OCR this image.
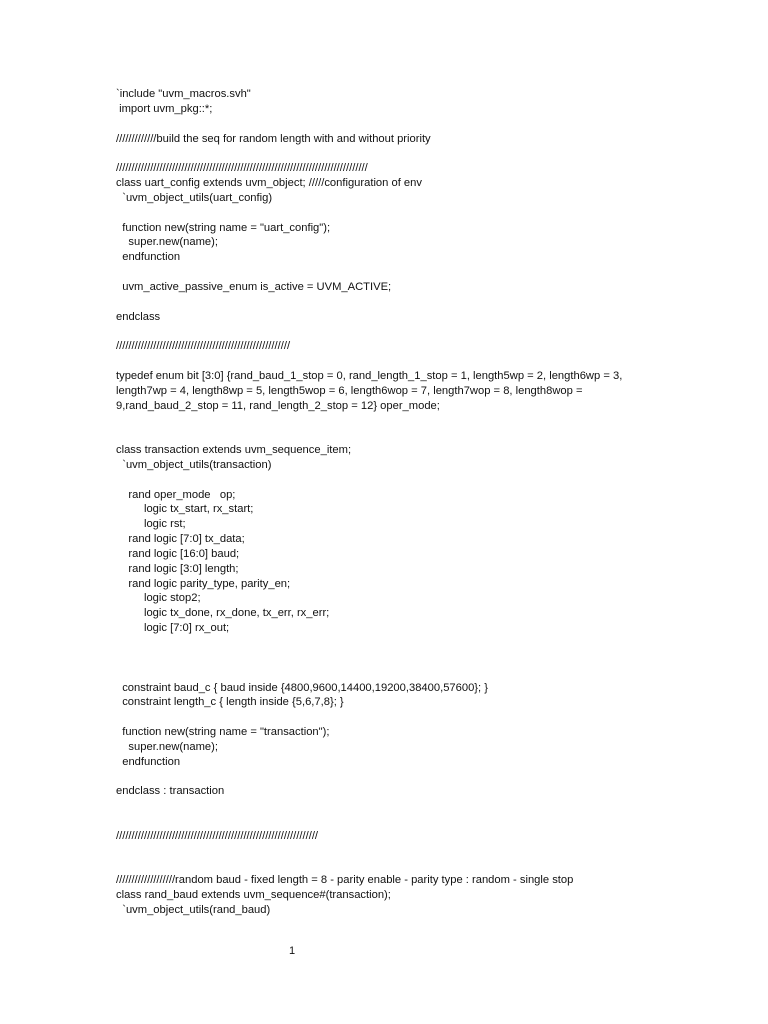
`include "uvm_macros.svh"
import uvm_pkg::*;
/////////////build the seq for random length with and without priority
/////////////////////////////////////////////////////////////////////////////////
class uart_config extends uvm_object; /////configuration of env
`uvm_object_utils(uart_config)
function new(string name = "uart_config");
super.new(name);
endfunction
uvm_active_passive_enum is_active = UVM_ACTIVE;
endclass
////////////////////////////////////////////////////////
typedef enum bit [3:0] {rand_baud_1_stop = 0, rand_length_1_stop = 1, length5wp = 2, length6wp = 3, length7wp = 4, length8wp = 5, length5wop = 6, length6wop = 7, length7wop = 8, length8wop = 9,rand_baud_2_stop = 11, rand_length_2_stop = 12} oper_mode;
class transaction extends uvm_sequence_item;
`uvm_object_utils(transaction)
rand oper_mode   op;
logic tx_start, rx_start;
logic rst;
rand logic [7:0] tx_data;
rand logic [16:0] baud;
rand logic [3:0] length;
rand logic parity_type, parity_en;
logic stop2;
logic tx_done, rx_done, tx_err, rx_err;
logic [7:0] rx_out;
constraint baud_c { baud inside {4800,9600,14400,19200,38400,57600}; }
constraint length_c { length inside {5,6,7,8}; }
function new(string name = "transaction");
super.new(name);
endfunction
endclass : transaction
/////////////////////////////////////////////////////////////////
///////////////////random baud - fixed length = 8 - parity enable - parity type : random - single stop
class rand_baud extends uvm_sequence#(transaction);
`uvm_object_utils(rand_baud)
1
